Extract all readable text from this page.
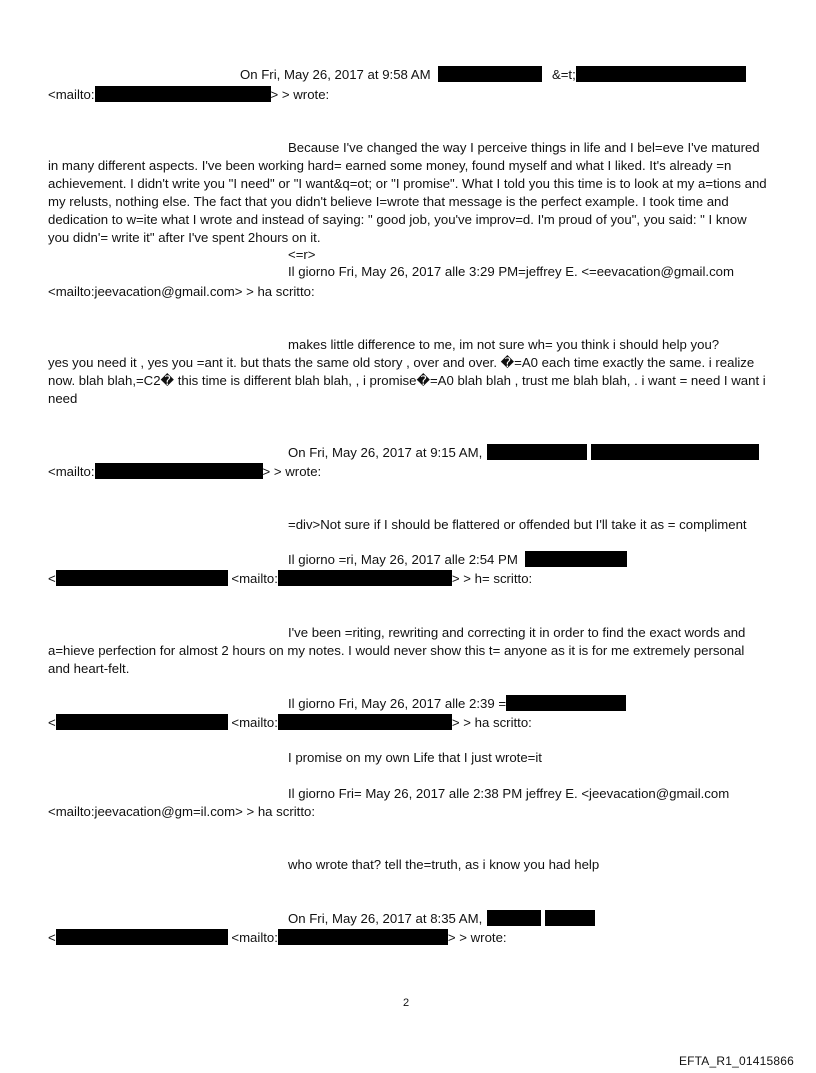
On Fri, May 26, 2017 at 9:58 AM	&=t;
<mailto:	> > wrote:
Because I've changed the way I perceive things in life and I bel=eve I've matured
in many different aspects. I've been working hard= earned some money, found myself and what I liked. It's already =n achievement. I didn't write you "I need" or "I want&q=ot; or "I promise". What I told you this time is to look at my a=tions and my relusts, nothing else. The fact that you didn't believe I=wrote that message is the perfect example. I took time and dedication to w=ite what I wrote and instead of saying: " good job, you've improv=d. I'm proud of you", you said: " I know you didn'= write it" after I've spent 2hours on it.
<=r>
Il giorno Fri, May 26, 2017 alle 3:29 PM=jeffrey E. <=eevacation@gmail.com
<mailto:jeevacation@gmail.com> > ha scritto:
makes little difference to me, im not sure wh= you think i should help you?
yes you need it , yes you =ant it. but thats the same old story , over and over. �=A0 each time exactly the same. i realize now. blah blah,=C2� this time is different blah blah, , i promise�=A0 blah blah , trust me blah blah, . i want = need I want i need
On Fri, May 26, 2017 at 9:15 AM,
<mailto:	> > wrote:
=div>Not sure if I should be flattered or offended but I'll take it as = compliment
Il giorno =ri, May 26, 2017 alle 2:54 PM
<	<mailto:	> > h= scritto:
I've been =riting, rewriting and correcting it in order to find the exact words and
a=hieve perfection for almost 2 hours on my notes. I would never show this t= anyone as it is for me extremely personal and heart-felt.
Il giorno Fri, May 26, 2017 alle 2:39 =
<	<mailto:	> > ha scritto:
I promise on my own Life that I just wrote=it
Il giorno Fri= May 26, 2017 alle 2:38 PM jeffrey E. <jeevacation@gmail.com
<mailto:jeevacation@gm=il.com> > ha scritto:
who wrote that? tell the=truth, as i know you had help
On Fri, May 26, 2017 at 8:35 AM,
<	<mailto:	> > wrote:
2
EFTA_R1_01415866
